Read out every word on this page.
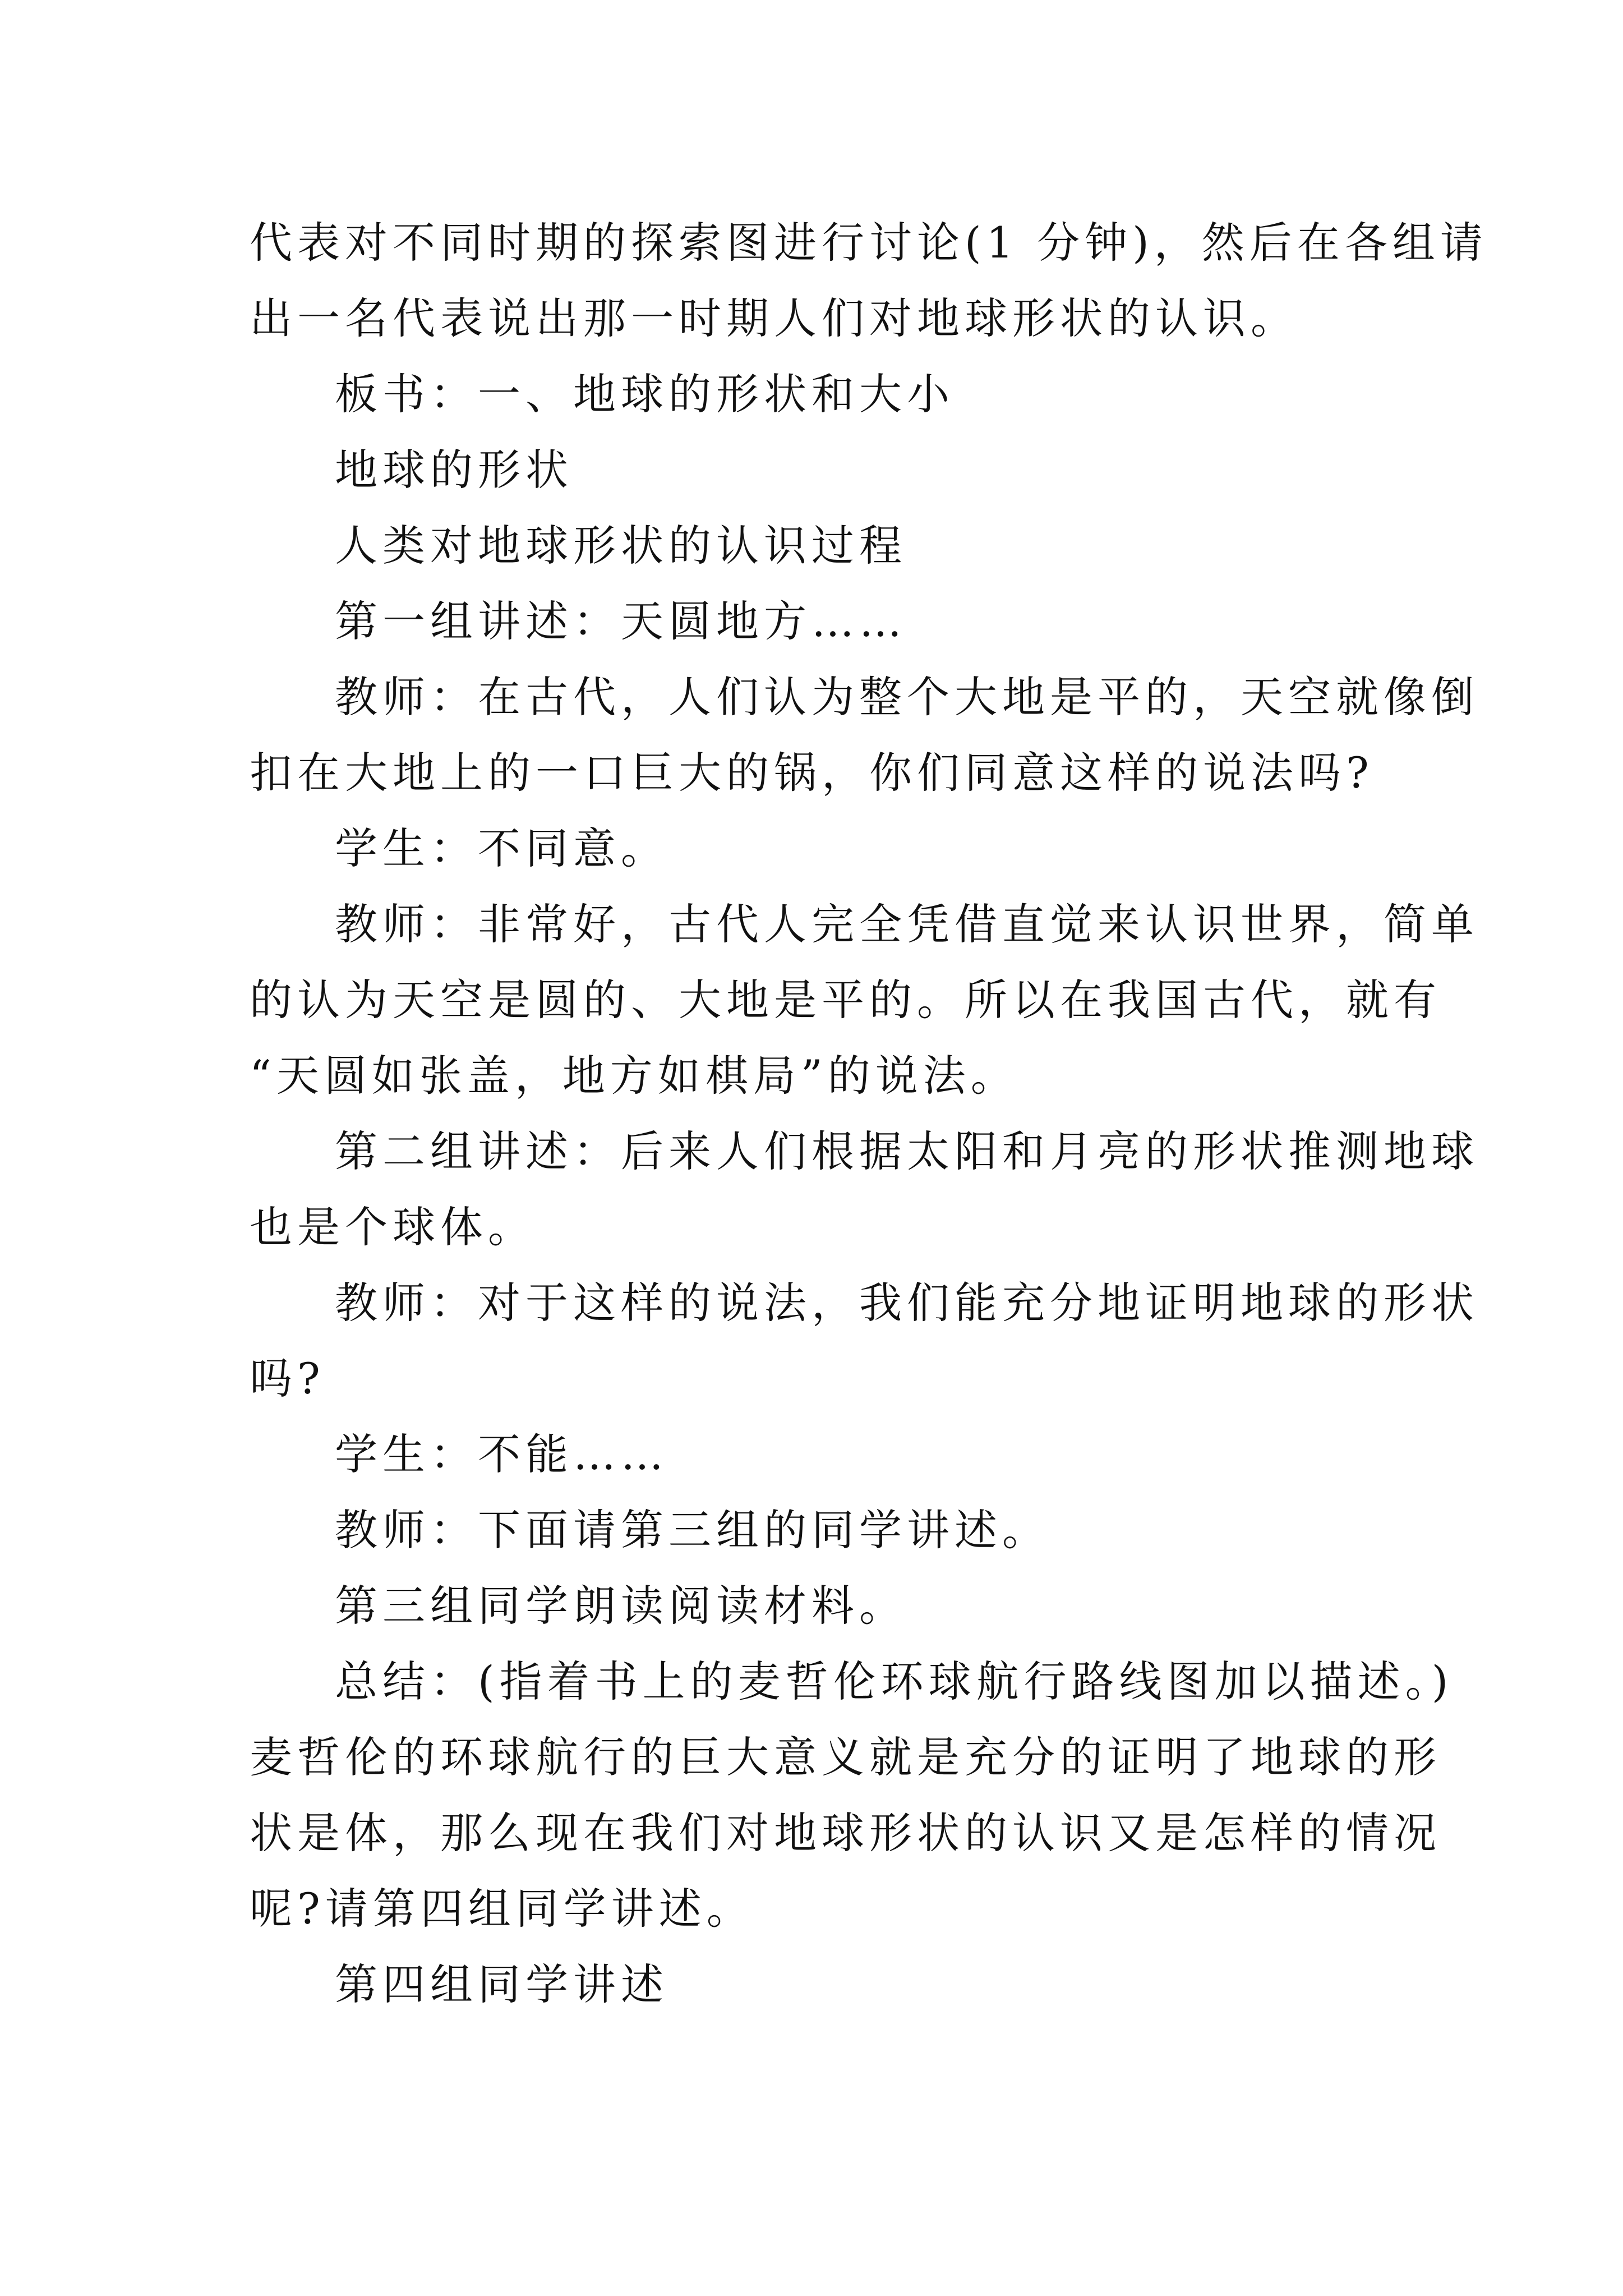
代表对不同时期的探索图进行讨论(1 分钟)，然后在各组请
出一名代表说出那一时期人们对地球形状的认识。
板书：一、地球的形状和大小
地球的形状
人类对地球形状的认识过程
第一组讲述：天圆地方……
教师：在古代，人们认为整个大地是平的，天空就像倒
扣在大地上的一口巨大的锅，你们同意这样的说法吗?
学生：不同意。
教师：非常好，古代人完全凭借直觉来认识世界，简单
的认为天空是圆的、大地是平的。所以在我国古代，就有
“天圆如张盖，地方如棋局”的说法。
第二组讲述：后来人们根据太阳和月亮的形状推测地球
也是个球体。
教师：对于这样的说法，我们能充分地证明地球的形状
吗?
学生：不能……
教师：下面请第三组的同学讲述。
第三组同学朗读阅读材料。
总结：(指着书上的麦哲伦环球航行路线图加以描述。)
麦哲伦的环球航行的巨大意义就是充分的证明了地球的形
状是体，那么现在我们对地球形状的认识又是怎样的情况
呢?请第四组同学讲述。
第四组同学讲述
